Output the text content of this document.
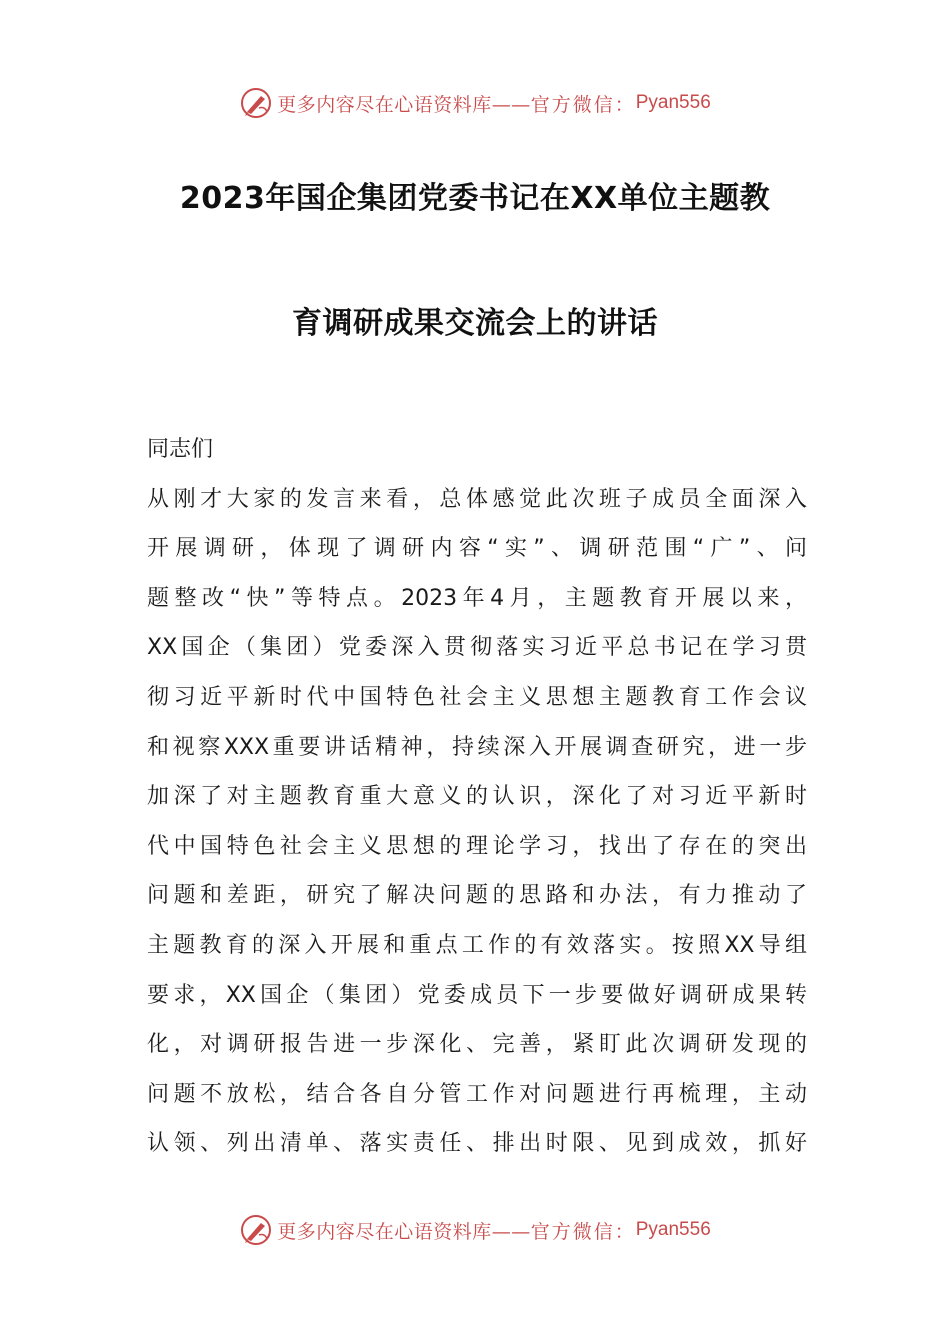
更多内容尽在心语资料库——官方微信： Pyan556
2023年国企集团党委书记在XX单位主题教
育调研成果交流会上的讲话
同志们
从刚才大家的发言来看，总体感觉此次班子成员全面深入
开展调研，体现了调研内容“实”、调研范围“广”、问
题整改“快”等特点。2023年4月，主题教育开展以来，
XX国企（集团）党委深入贯彻落实习近平总书记在学习贯
彻习近平新时代中国特色社会主义思想主题教育工作会议
和视察XXX重要讲话精神，持续深入开展调查研究，进一步
加深了对主题教育重大意义的认识，深化了对习近平新时
代中国特色社会主义思想的理论学习，找出了存在的突出
问题和差距，研究了解决问题的思路和办法，有力推动了
主题教育的深入开展和重点工作的有效落实。按照XX导组
要求，XX国企（集团）党委成员下一步要做好调研成果转
化，对调研报告进一步深化、完善，紧盯此次调研发现的
问题不放松，结合各自分管工作对问题进行再梳理，主动
认领、列出清单、落实责任、排出时限、见到成效，抓好
更多内容尽在心语资料库——官方微信： Pyan556
